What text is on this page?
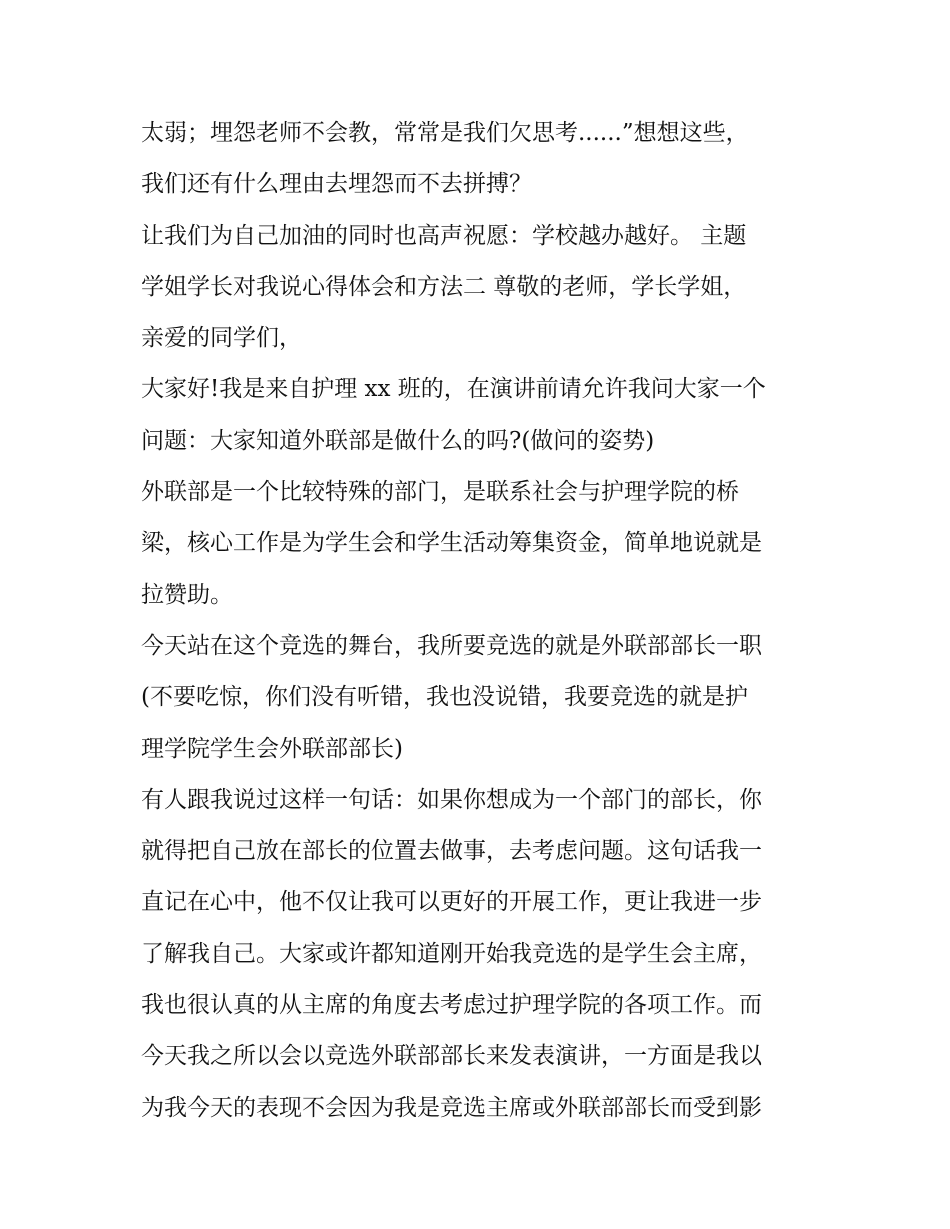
太弱；埋怨老师不会教，常常是我们欠思考......”想想这些，
我们还有什么理由去埋怨而不去拼搏？
让我们为自己加油的同时也高声祝愿：学校越办越好。 主题
学姐学长对我说心得体会和方法二 尊敬的老师，学长学姐，
亲爱的同学们，
大家好!我是来自护理 xx 班的，在演讲前请允许我问大家一个
问题：大家知道外联部是做什么的吗?(做问的姿势)
外联部是一个比较特殊的部门，是联系社会与护理学院的桥
梁，核心工作是为学生会和学生活动筹集资金，简单地说就是
拉赞助。
今天站在这个竞选的舞台，我所要竞选的就是外联部部长一职
(不要吃惊，你们没有听错，我也没说错，我要竞选的就是护
理学院学生会外联部部长)
有人跟我说过这样一句话：如果你想成为一个部门的部长，你
就得把自己放在部长的位置去做事，去考虑问题。这句话我一
直记在心中，他不仅让我可以更好的开展工作，更让我进一步
了解我自己。大家或许都知道刚开始我竞选的是学生会主席，
我也很认真的从主席的角度去考虑过护理学院的各项工作。而
今天我之所以会以竞选外联部部长来发表演讲，一方面是我以
为我今天的表现不会因为我是竞选主席或外联部部长而受到影
